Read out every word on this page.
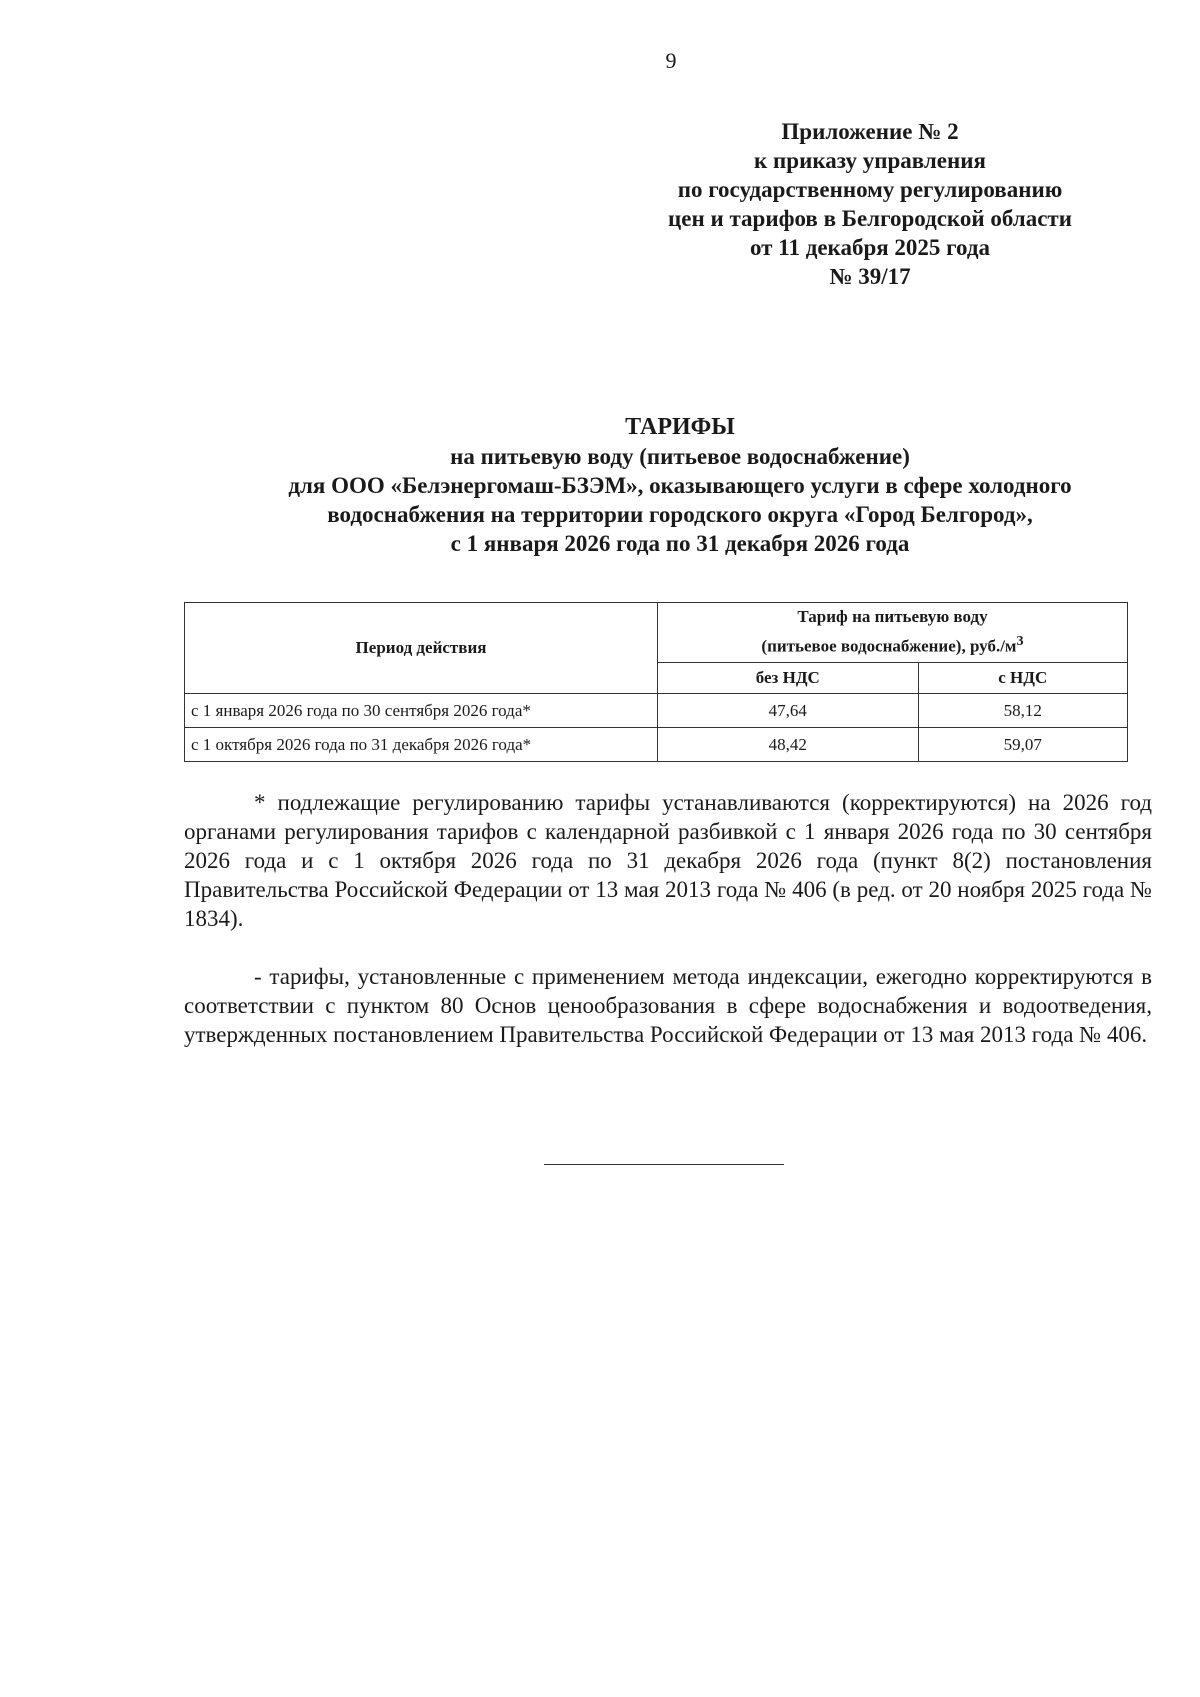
9
Приложение № 2
к приказу управления
по государственному регулированию
цен и тарифов в Белгородской области
от 11 декабря 2025 года
№ 39/17
ТАРИФЫ
на питьевую воду (питьевое водоснабжение)
для ООО «Белэнергомаш-БЗЭМ», оказывающего услуги в сфере холодного
водоснабжения на территории городского округа «Город Белгород»,
с 1 января 2026 года по 31 декабря 2026 года
Период действия	Тариф на питьевую воду
(питьевое водоснабжение), $руб./м^3$

	без НДС	с НДС
с 1 января 2026 года по 30 сентября 2026 года*	47,64	58,12
с 1 октября 2026 года по 31 декабря 2026 года*	48,42	59,07

* подлежащие регулированию тарифы устанавливаются (корректируются) на 2026 год органами регулирования тарифов с календарной разбивкой с 1 января 2026 года по 30 сентября 2026 года и с 1 октября 2026 года по 31 декабря 2026 года (пункт 8(2) постановления Правительства Российской Федерации от 13 мая 2013 года № 406 (в ред. от 20 ноября 2025 года № 1834).

- тарифы, установленные с применением метода индексации, ежегодно корректируются в соответствии с пунктом 80 Основ ценообразования в сфере водоснабжения и водоотведения, утвержденных постановлением Правительства Российской Федерации от 13 мая 2013 года № 406.
